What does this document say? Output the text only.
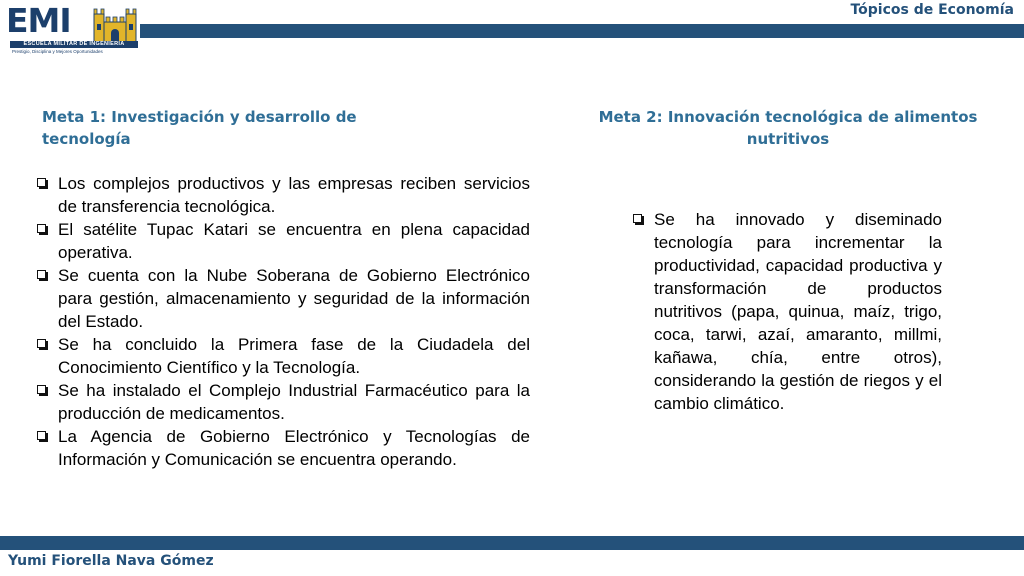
Tópicos de Economía
EMI
ESCUELA MILITAR DE INGENIERIA
Prestigio, Disciplina y Mejores Oportunidades
Meta 1: Investigación y desarrollo de tecnología
Meta 2: Innovación tecnológica de alimentos nutritivos
Los complejos productivos y las empresas reciben servicios de transferencia tecnológica.
El satélite Tupac Katari se encuentra en plena capacidad operativa.
Se cuenta con la Nube Soberana de Gobierno Electrónico para gestión, almacenamiento y seguridad de la información del Estado.
Se ha concluido la Primera fase de la Ciudadela del Conocimiento Científico y la Tecnología.
Se ha instalado el Complejo Industrial Farmacéutico para la producción de medicamentos.
La Agencia de Gobierno Electrónico y Tecnologías de Información y Comunicación se encuentra operando.
Se ha innovado y diseminado tecnología para incrementar la productividad, capacidad productiva y transformación de productos nutritivos (papa, quinua, maíz, trigo, coca, tarwi, azaí, amaranto, millmi, kañawa, chía, entre otros), considerando la gestión de riegos y el cambio climático.
Yumi Fiorella Nava Gómez
